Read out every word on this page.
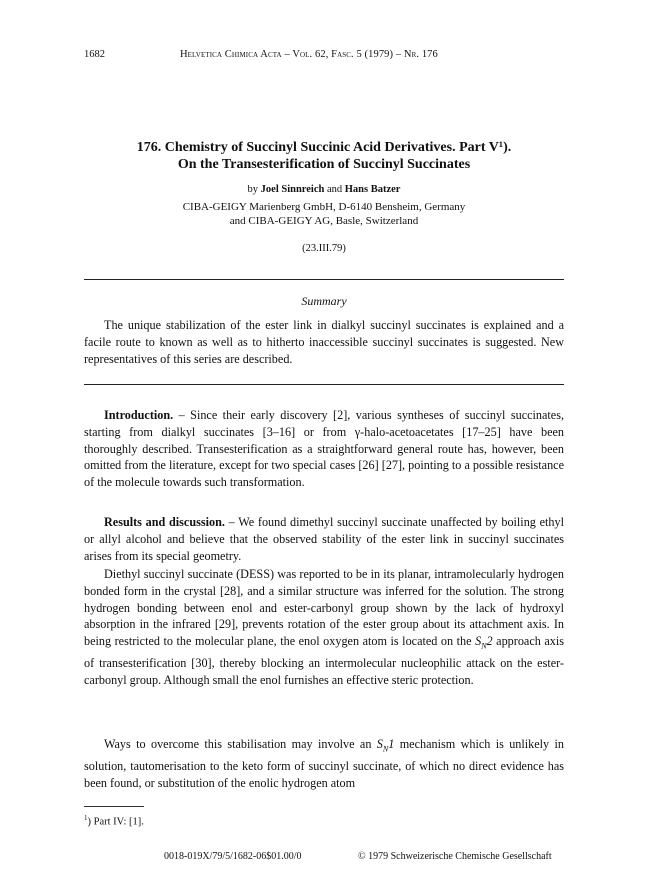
1682	Helvetica Chimica Acta – Vol. 62, Fasc. 5 (1979) – Nr. 176
176. Chemistry of Succinyl Succinic Acid Derivatives. Part V¹).
On the Transesterification of Succinyl Succinates
by Joel Sinnreich and Hans Batzer
CIBA-GEIGY Marienberg GmbH, D-6140 Bensheim, Germany
and CIBA-GEIGY AG, Basle, Switzerland
(23.III.79)
Summary
The unique stabilization of the ester link in dialkyl succinyl succinates is explained and a facile route to known as well as to hitherto inaccessible succinyl succinates is suggested. New representatives of this series are described.
Introduction. – Since their early discovery [2], various syntheses of succinyl succinates, starting from dialkyl succinates [3–16] or from γ-halo-acetoacetates [17–25] have been thoroughly described. Transesterification as a straightforward general route has, however, been omitted from the literature, except for two special cases [26] [27], pointing to a possible resistance of the molecule towards such transformation.
Results and discussion. – We found dimethyl succinyl succinate unaffected by boiling ethyl or allyl alcohol and believe that the observed stability of the ester link in succinyl succinates arises from its special geometry.
Diethyl succinyl succinate (DESS) was reported to be in its planar, intramolecularly hydrogen bonded form in the crystal [28], and a similar structure was inferred for the solution. The strong hydrogen bonding between enol and ester-carbonyl group shown by the lack of hydroxyl absorption in the infrared [29], prevents rotation of the ester group about its attachment axis. In being restricted to the molecular plane, the enol oxygen atom is located on the $S_N2$ approach axis of transesterification [30], thereby blocking an intermolecular nucleophilic attack on the ester-carbonyl group. Although small the enol furnishes an effective steric protection.
Ways to overcome this stabilisation may involve an $S_N1$ mechanism which is unlikely in solution, tautomerisation to the keto form of succinyl succinate, of which no direct evidence has been found, or substitution of the enolic hydrogen atom
$^1$) Part IV: [1].
0018-019X/79/5/1682-06$01.00/0	© 1979 Schweizerische Chemische Gesellschaft
